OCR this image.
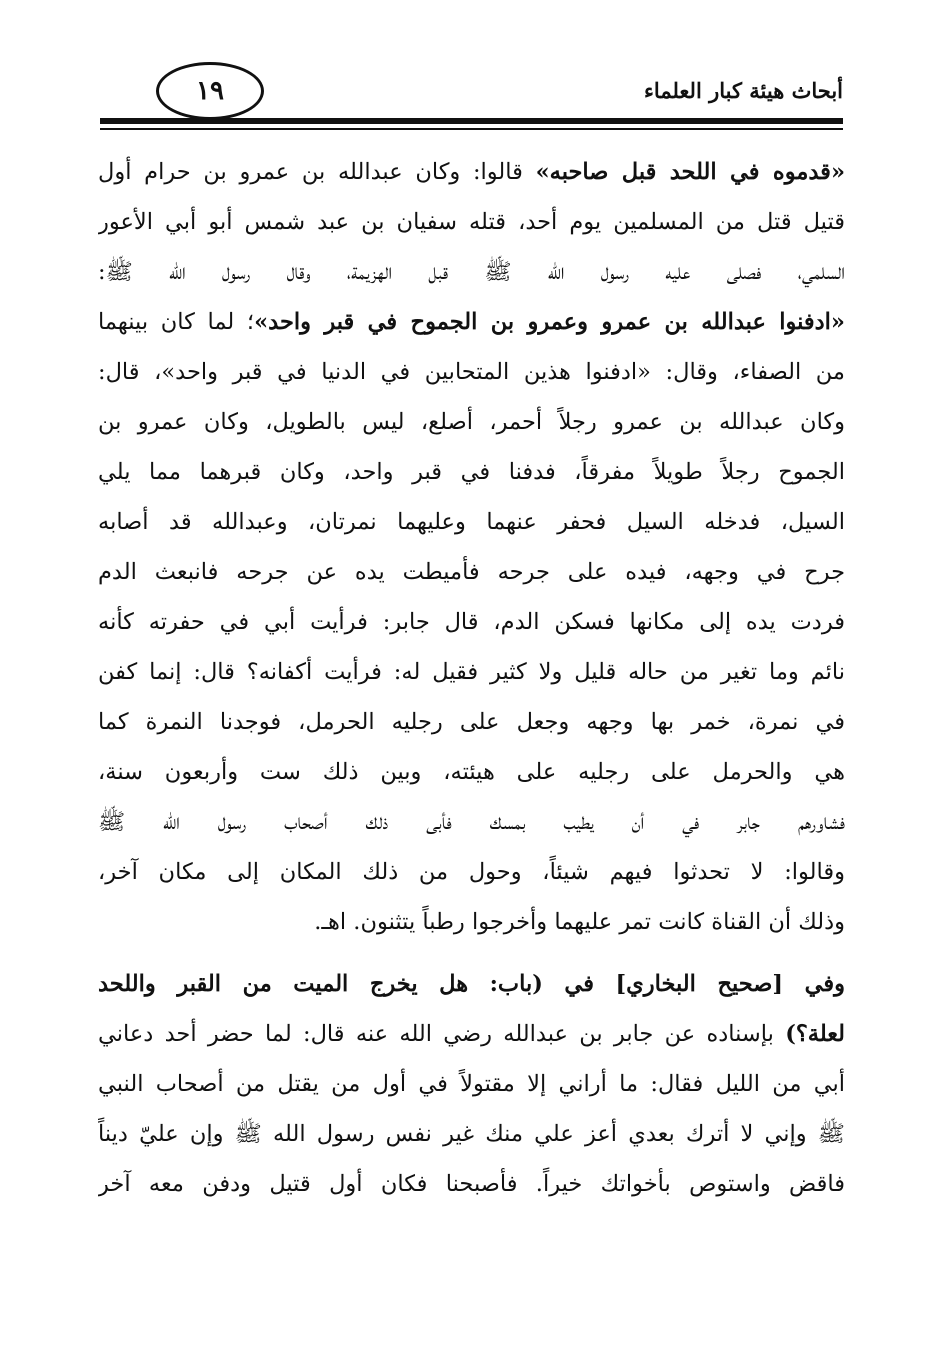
١٩	أبحاث هيئة كبار العلماء
«قدموه في اللحد قبل صاحبه» قالوا: وكان عبدالله بن عمرو بن حرام أول
قتيل قتل من المسلمين يوم أحد، قتله سفيان بن عبد شمس أبو أبي الأعور
السلمي، فصلى عليه رسول الله ﷺ قبل الهزيمة، وقال رسول الله ﷺ:
«ادفنوا عبدالله بن عمرو وعمرو بن الجموح في قبر واحد»؛ لما كان بينهما
من الصفاء، وقال: «ادفنوا هذين المتحابين في الدنيا في قبر واحد»، قال:
وكان عبدالله بن عمرو رجلاً أحمر، أصلع، ليس بالطويل، وكان عمرو بن
الجموح رجلاً طويلاً مفرقاً، فدفنا في قبر واحد، وكان قبرهما مما يلي
السيل، فدخله السيل فحفر عنهما وعليهما نمرتان، وعبدالله قد أصابه
جرح في وجهه، فيده على جرحه فأميطت يده عن جرحه فانبعث الدم
فردت يده إلى مكانها فسكن الدم، قال جابر: فرأيت أبي في حفرته كأنه
نائم وما تغير من حاله قليل ولا كثير فقيل له: فرأيت أكفانه؟ قال: إنما كفن
في نمرة، خمر بها وجهه وجعل على رجليه الحرمل، فوجدنا النمرة كما
هي والحرمل على رجليه على هيئته، وبين ذلك ست وأربعون سنة،
فشاورهم جابر في أن يطيب بمسك فأبى ذلك أصحاب رسول الله ﷺ
وقالوا: لا تحدثوا فيهم شيئاً، وحول من ذلك المكان إلى مكان آخر،
وذلك أن القناة كانت تمر عليهما وأخرجوا رطباً يتثنون. اهـ.
وفي [صحيح البخاري] في (باب: هل يخرج الميت من القبر واللحد
لعلة؟) بإسناده عن جابر بن عبدالله رضي الله عنه قال: لما حضر أحد دعاني
أبي من الليل فقال: ما أراني إلا مقتولاً في أول من يقتل من أصحاب النبي
ﷺ وإني لا أترك بعدي أعز علي منك غير نفس رسول الله ﷺ وإن عليّ ديناً
فاقض واستوص بأخواتك خيراً. فأصبحنا فكان أول قتيل ودفن معه آخر
